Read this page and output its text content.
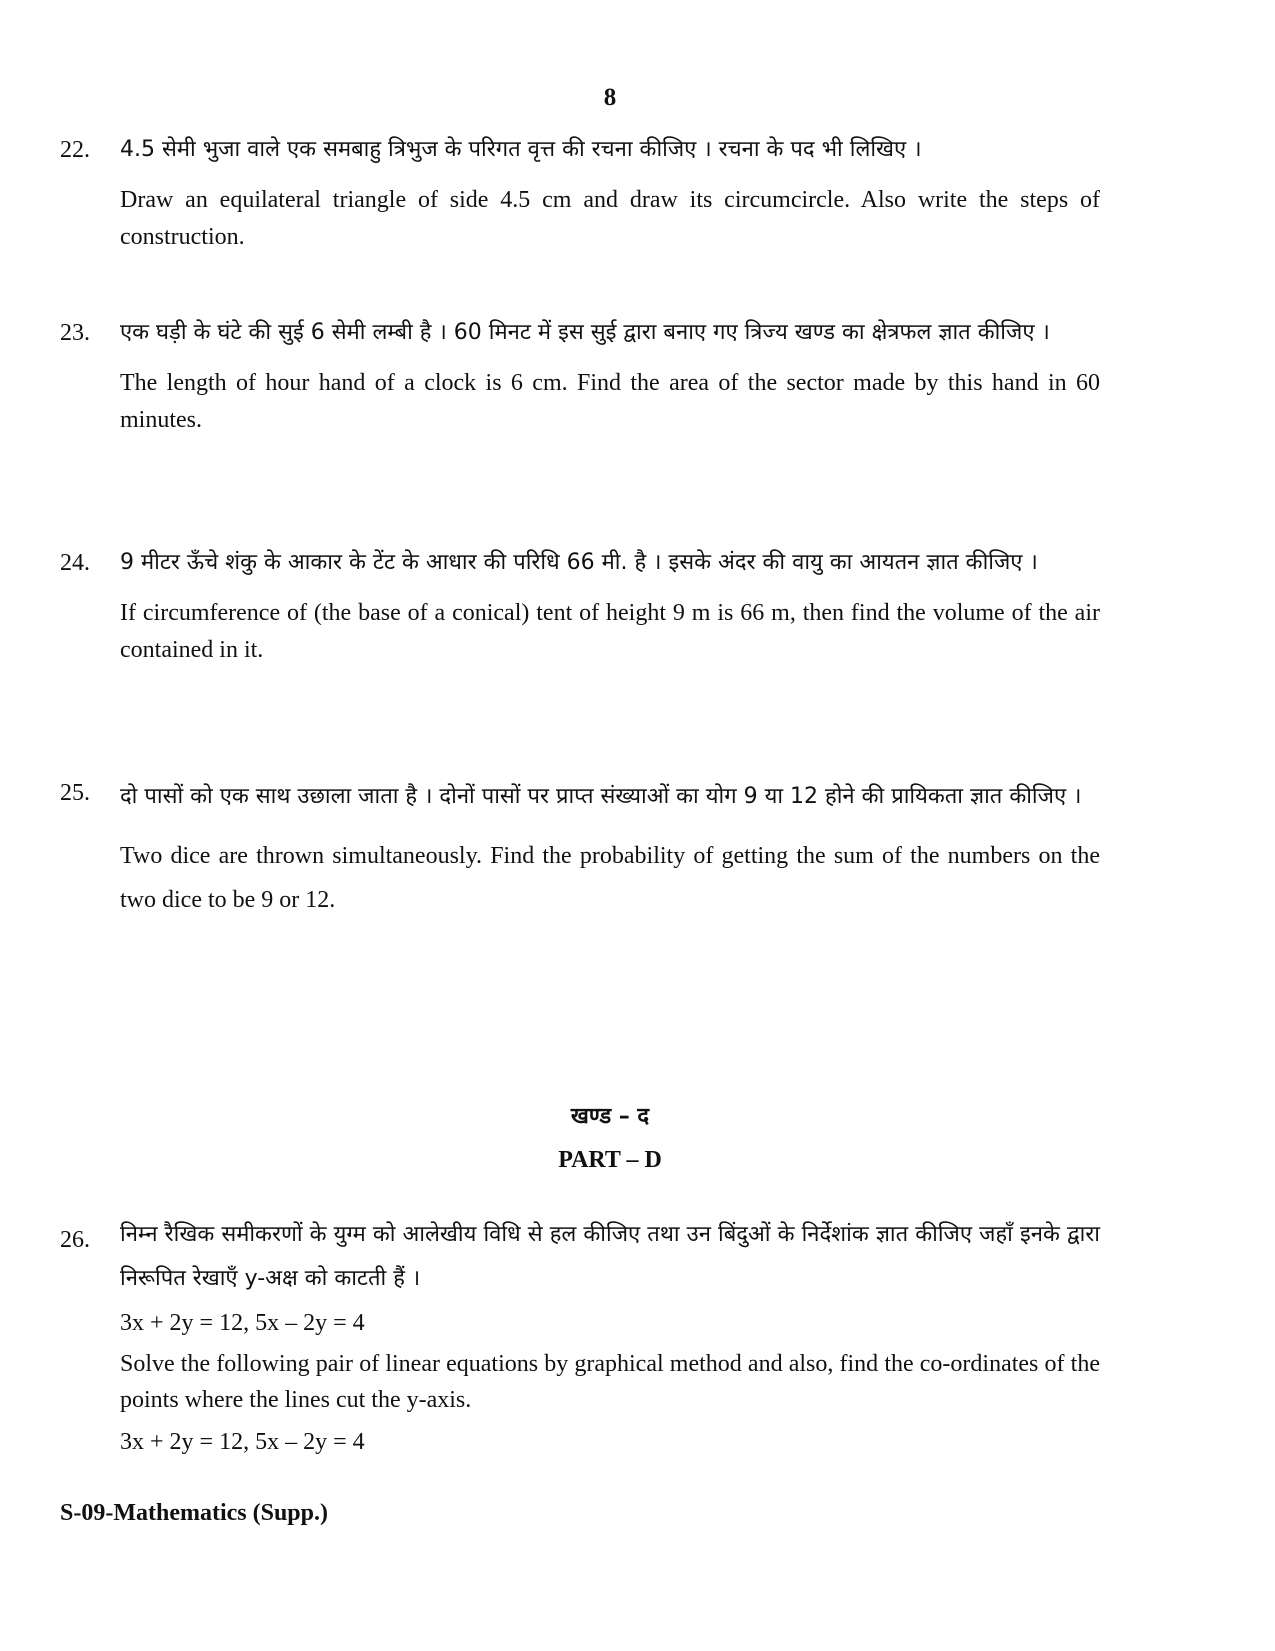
8
22. 4.5 सेमी भुजा वाले एक समबाहु त्रिभुज के परिगत वृत्त की रचना कीजिए । रचना के पद भी लिखिए ।

Draw an equilateral triangle of side 4.5 cm and draw its circumcircle. Also write the steps of construction.

23. एक घड़ी के घंटे की सुई 6 सेमी लम्बी है । 60 मिनट में इस सुई द्वारा बनाए गए त्रिज्य खण्ड का क्षेत्रफल ज्ञात कीजिए ।

The length of hour hand of a clock is 6 cm. Find the area of the sector made by this hand in 60 minutes.

24. 9 मीटर ऊँचे शंकु के आकार के टेंट के आधार की परिधि 66 मी. है । इसके अंदर की वायु का आयतन ज्ञात कीजिए ।

If circumference of (the base of a conical) tent of height 9 m is 66 m, then find the volume of the air contained in it.

25. दो पासों को एक साथ उछाला जाता है । दोनों पासों पर प्राप्त संख्याओं का योग 9 या 12 होने की प्रायिकता ज्ञात कीजिए ।

Two dice are thrown simultaneously. Find the probability of getting the sum of the numbers on the two dice to be 9 or 12.

खण्ड – द
PART – D
26. निम्न रैखिक समीकरणों के युग्म को आलेखीय विधि से हल कीजिए तथा उन बिंदुओं के निर्देशांक ज्ञात कीजिए जहाँ इनके द्वारा निरूपित रेखाएँ y-अक्ष को काटती हैं ।

3x + 2y = 12, 5x – 2y = 4

Solve the following pair of linear equations by graphical method and also, find the co-ordinates of the points where the lines cut the y-axis.

3x + 2y = 12, 5x – 2y = 4

S-09-Mathematics (Supp.)
